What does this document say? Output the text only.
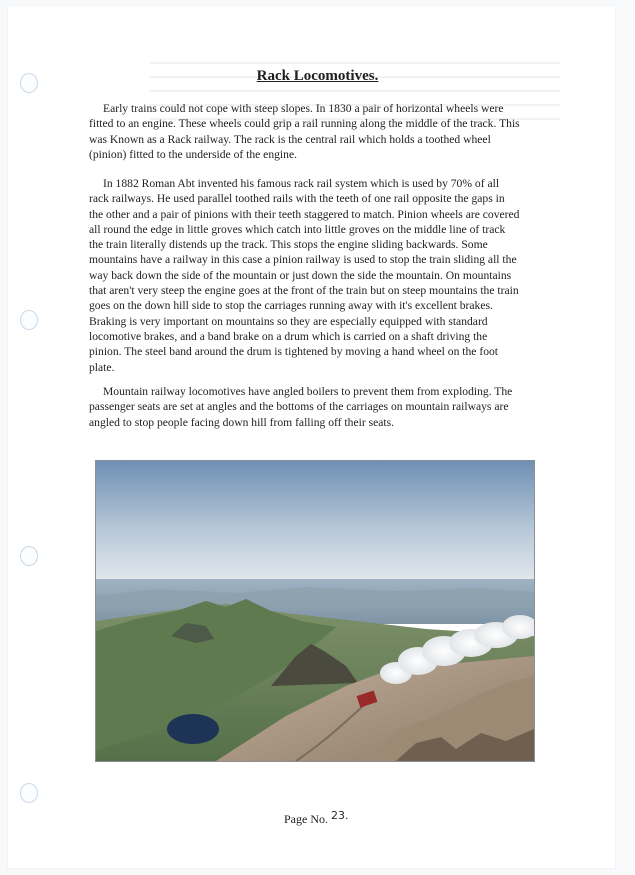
Rack Locomotives.

Early trains could not cope with steep slopes. In 1830 a pair of horizontal wheels were fitted to an engine. These wheels could grip a rail running along the middle of the track. This was Known as a Rack railway. The rack is the central rail which holds a toothed wheel (pinion) fitted to the underside of the engine.

In 1882 Roman Abt invented his famous rack rail system which is used by 70% of all rack railways. He used parallel toothed rails with the teeth of one rail opposite the gaps in the other and a pair of pinions with their teeth staggered to match. Pinion wheels are covered all round the edge in little groves which catch into little groves on the middle line of track the train literally distends up the track. This stops the engine sliding backwards. Some mountains have a railway in this case a pinion railway is used to stop the train sliding all the way back down the side of the mountain or just down the side the mountain. On mountains that aren't very steep the engine goes at the front of the train but on steep mountains the train goes on the down hill side to stop the carriages running away with it's excellent brakes. Braking is very important on mountains so they are especially equipped with standard locomotive brakes, and a band brake on a drum which is carried on a shaft driving the pinion. The steel band around the drum is tightened by moving a hand wheel on the foot plate.

Mountain railway locomotives have angled boilers to prevent them from exploding. The passenger seats are set at angles and the bottoms of the carriages on mountain railways are angled to stop people facing down hill from falling off their seats.

Page No. 23.
